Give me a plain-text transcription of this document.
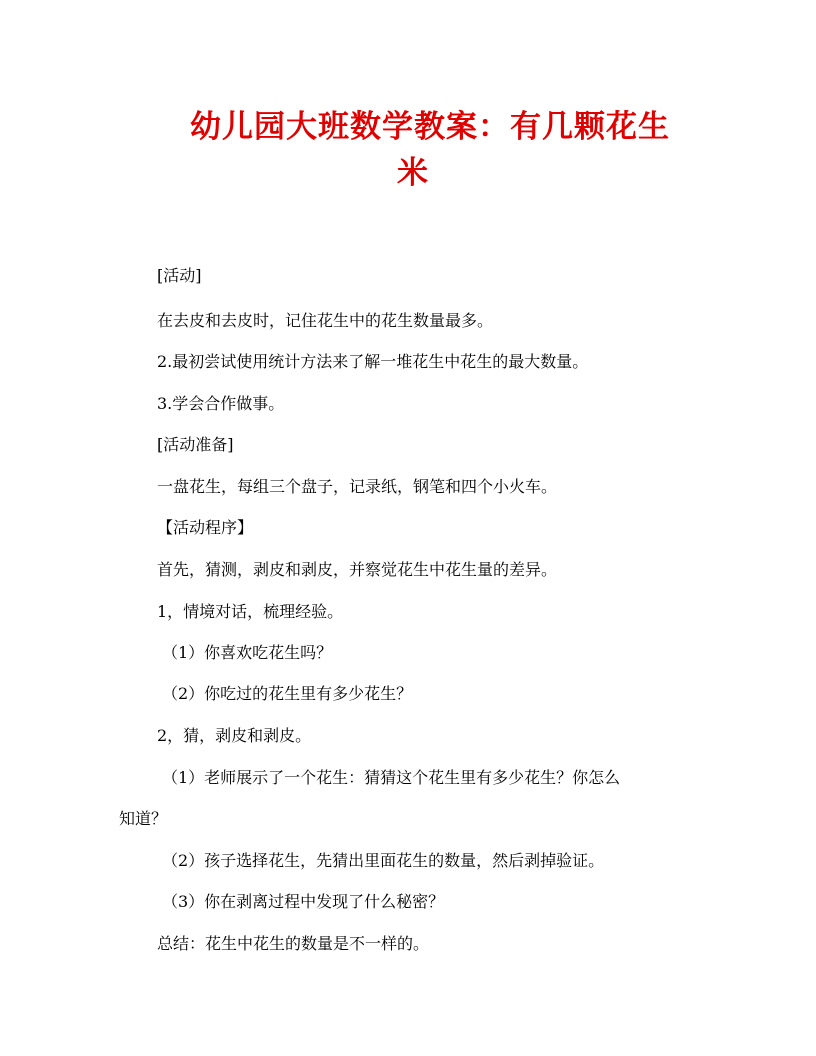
幼儿园大班数学教案：有几颗花生
米
[活动]
在去皮和去皮时，记住花生中的花生数量最多。
2.最初尝试使用统计方法来了解一堆花生中花生的最大数量。
3.学会合作做事。
[活动准备]
一盘花生，每组三个盘子，记录纸，钢笔和四个小火车。
【活动程序】
首先，猜测，剥皮和剥皮，并察觉花生中花生量的差异。
1，情境对话，梳理经验。
（1）你喜欢吃花生吗？
（2）你吃过的花生里有多少花生？
2，猜，剥皮和剥皮。
（1）老师展示了一个花生：猜猜这个花生里有多少花生？你怎么
知道？
（2）孩子选择花生，先猜出里面花生的数量，然后剥掉验证。
（3）你在剥离过程中发现了什么秘密？
总结：花生中花生的数量是不一样的。
